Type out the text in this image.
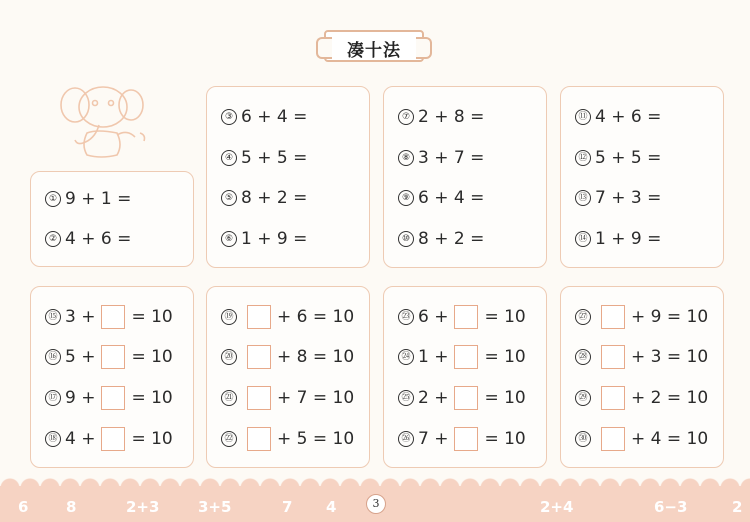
凑十法
① 9 + 1 =
② 4 + 6 =
③ 6 + 4 =
④ 5 + 5 =
⑤ 8 + 2 =
⑥ 1 + 9 =
⑦ 2 + 8 =
⑧ 3 + 7 =
⑨ 6 + 4 =
⑩ 8 + 2 =
⑪ 4 + 6 =
⑫ 5 + 5 =
⑬ 7 + 3 =
⑭ 1 + 9 =
⑮ 3 + = 10
⑯ 5 + = 10
⑰ 9 + = 10
⑱ 4 + = 10
⑲	+ 6 = 10
⑳	+ 8 = 10
㉑	+ 7 = 10
㉒	+ 5 = 10
㉓ 6 + = 10
㉔ 1 + = 10
㉕ 2 + = 10
㉖ 7 + = 10
㉗	+ 9 = 10
㉘	+ 3 = 10
㉙	+ 2 = 10
㉚	+ 4 = 10
6	8	2+3	3+5	7 4	3	2+4	6−3	2
